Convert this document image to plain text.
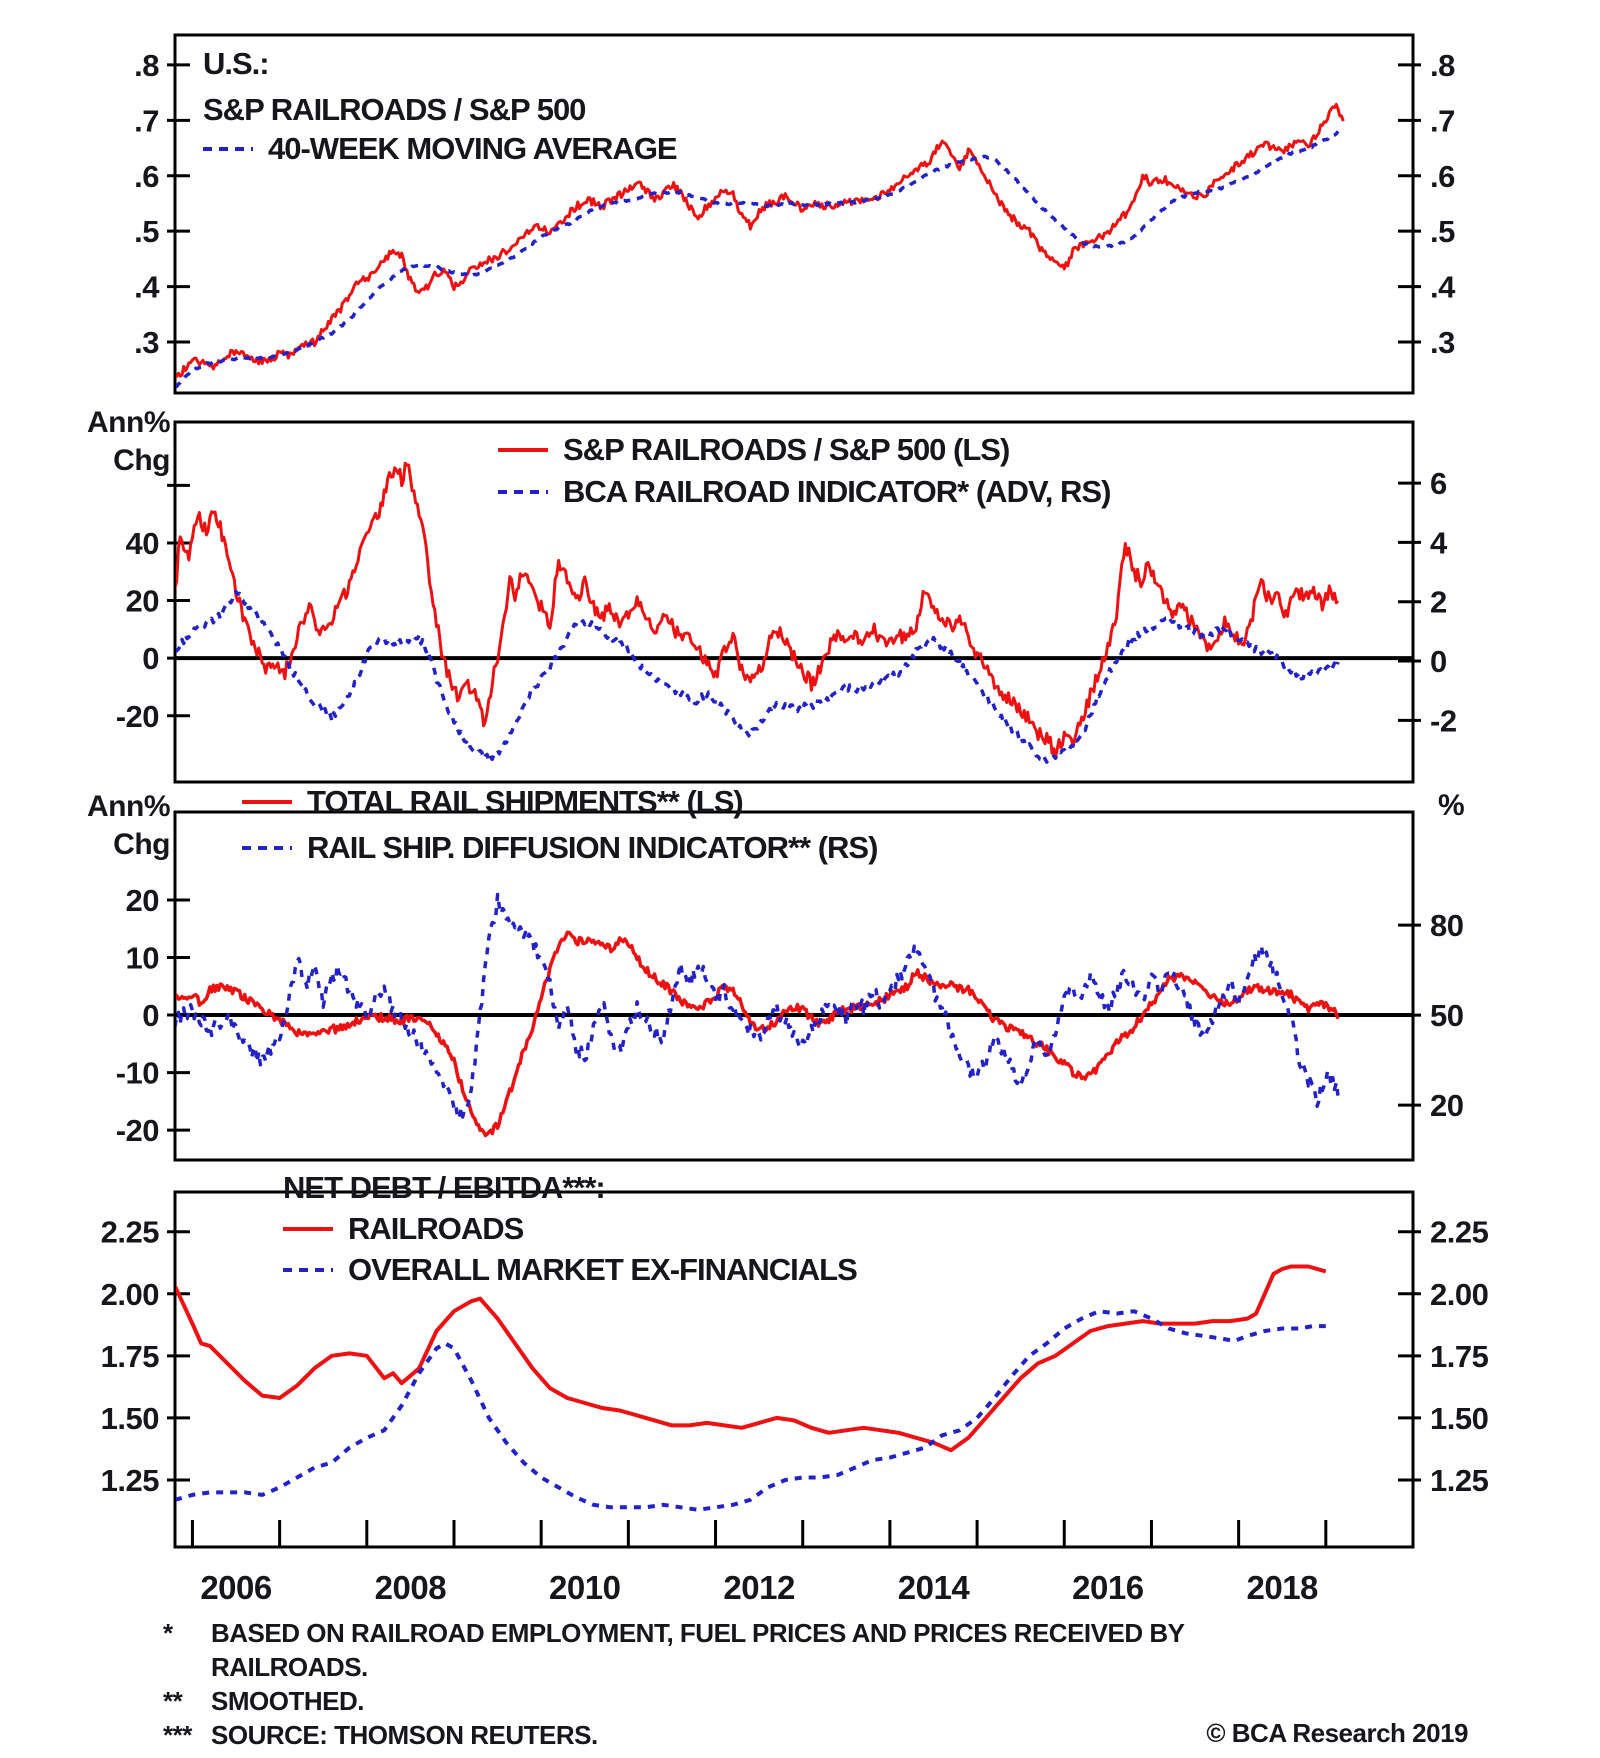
.8
.7
.6
.5
.4
.3
.8
.7
.6
.5
.4
.3
40
20
0
-20
6
4
2
0
-2
20
10
0
-10
-20
80
50
20
2.25
2.00
1.75
1.50
1.25
2.25
2.00
1.75
1.50
1.25
2006	2008	2010	2012	2014	2016	2018
U.S.:
S&P RAILROADS / S&P 500
40-WEEK MOVING AVERAGE
S&P RAILROADS / S&P 500 (LS)
BCA RAILROAD INDICATOR* (ADV, RS)
TOTAL RAIL SHIPMENTS** (LS)
RAIL SHIP. DIFFUSION INDICATOR** (RS)
NET DEBT / EBITDA***:
RAILROADS
OVERALL MARKET EX-FINANCIALS
Ann%
Chg
Ann%
Chg
%
*	BASED ON RAILROAD EMPLOYMENT, FUEL PRICES AND PRICES RECEIVED BY
RAILROADS.
**	SMOOTHED.
*** SOURCE: THOMSON REUTERS.	© BCA Research 2019
